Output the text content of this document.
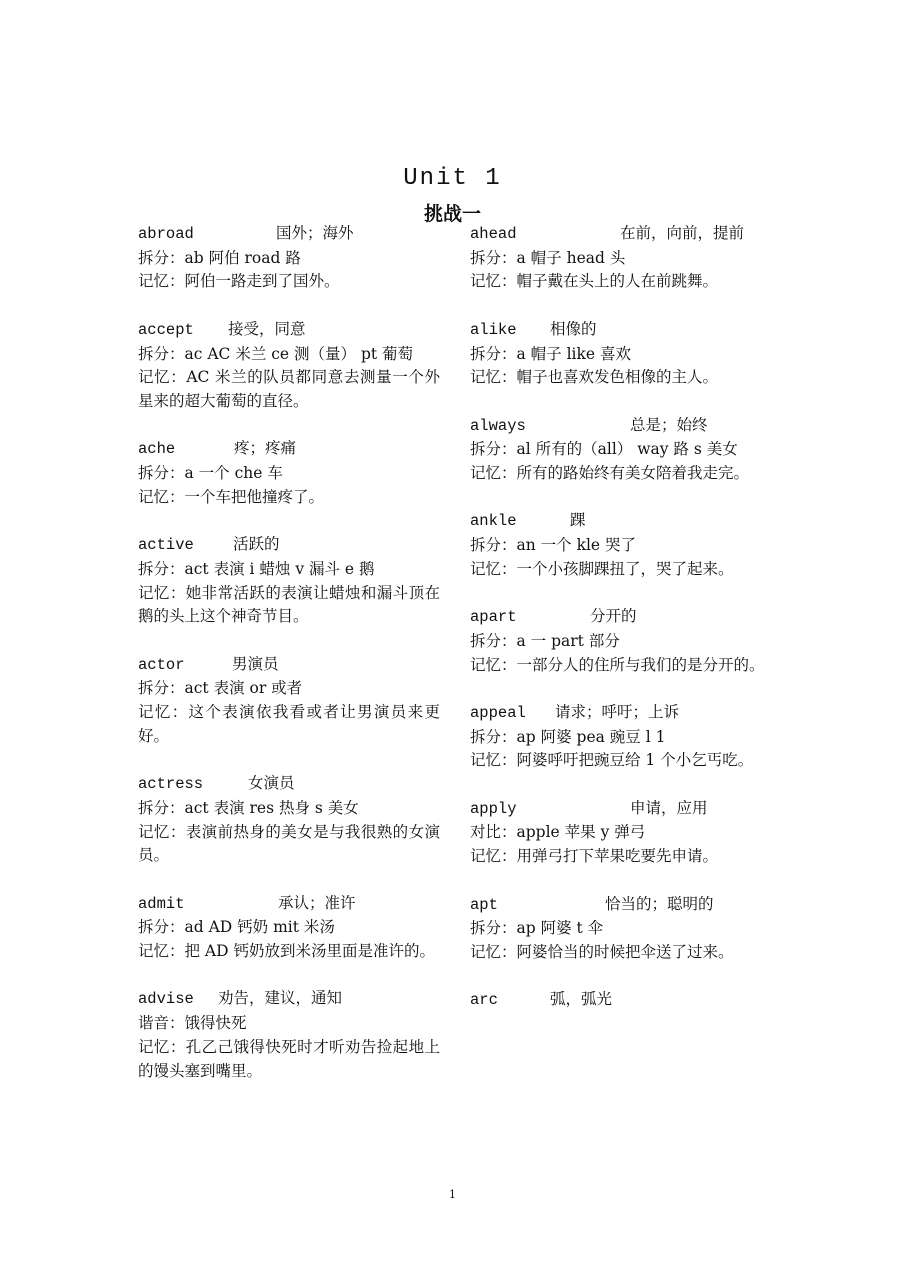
Unit 1
挑战一
abroad	国外；海外
拆分：ab 阿伯 road 路
记忆：阿伯一路走到了国外。
accept 接受，同意
拆分：ac AC 米兰 ce 测（量） pt 葡萄
记忆：AC 米兰的队员都同意去测量一个外星来的超大葡萄的直径。
ache	疼；疼痛
拆分：a 一个 che 车
记忆：一个车把他撞疼了。
active	活跃的
拆分：act 表演 i 蜡烛 v 漏斗 e 鹅
记忆：她非常活跃的表演让蜡烛和漏斗顶在鹅的头上这个神奇节目。
actor	男演员
拆分：act 表演 or 或者
记忆：这个表演依我看或者让男演员来更好。
actress	女演员
拆分：act 表演 res 热身 s 美女
记忆：表演前热身的美女是与我很熟的女演员。
admit	承认；准许
拆分：ad AD 钙奶 mit 米汤
记忆：把 AD 钙奶放到米汤里面是准许的。
advise 劝告，建议，通知
谐音：饿得快死
记忆：孔乙己饿得快死时才听劝告捡起地上的馒头塞到嘴里。
ahead	在前，向前，提前
拆分：a 帽子 head 头
记忆：帽子戴在头上的人在前跳舞。
alike 相像的
拆分：a 帽子 like 喜欢
记忆：帽子也喜欢发色相像的主人。
always	总是；始终
拆分：al 所有的（all） way 路 s 美女
记忆：所有的路始终有美女陪着我走完。
ankle	踝
拆分：an 一个 kle 哭了
记忆：一个小孩脚踝扭了，哭了起来。
apart	分开的
拆分：a 一 part 部分
记忆：一部分人的住所与我们的是分开的。
appeal 请求；呼吁；上诉
拆分：ap 阿婆 pea 豌豆 l 1
记忆：阿婆呼吁把豌豆给 1 个小乞丐吃。
apply	申请，应用
对比：apple 苹果 y 弹弓
记忆：用弹弓打下苹果吃要先申请。
apt	恰当的；聪明的
拆分：ap 阿婆 t 伞
记忆：阿婆恰当的时候把伞送了过来。
arc	弧，弧光
1
